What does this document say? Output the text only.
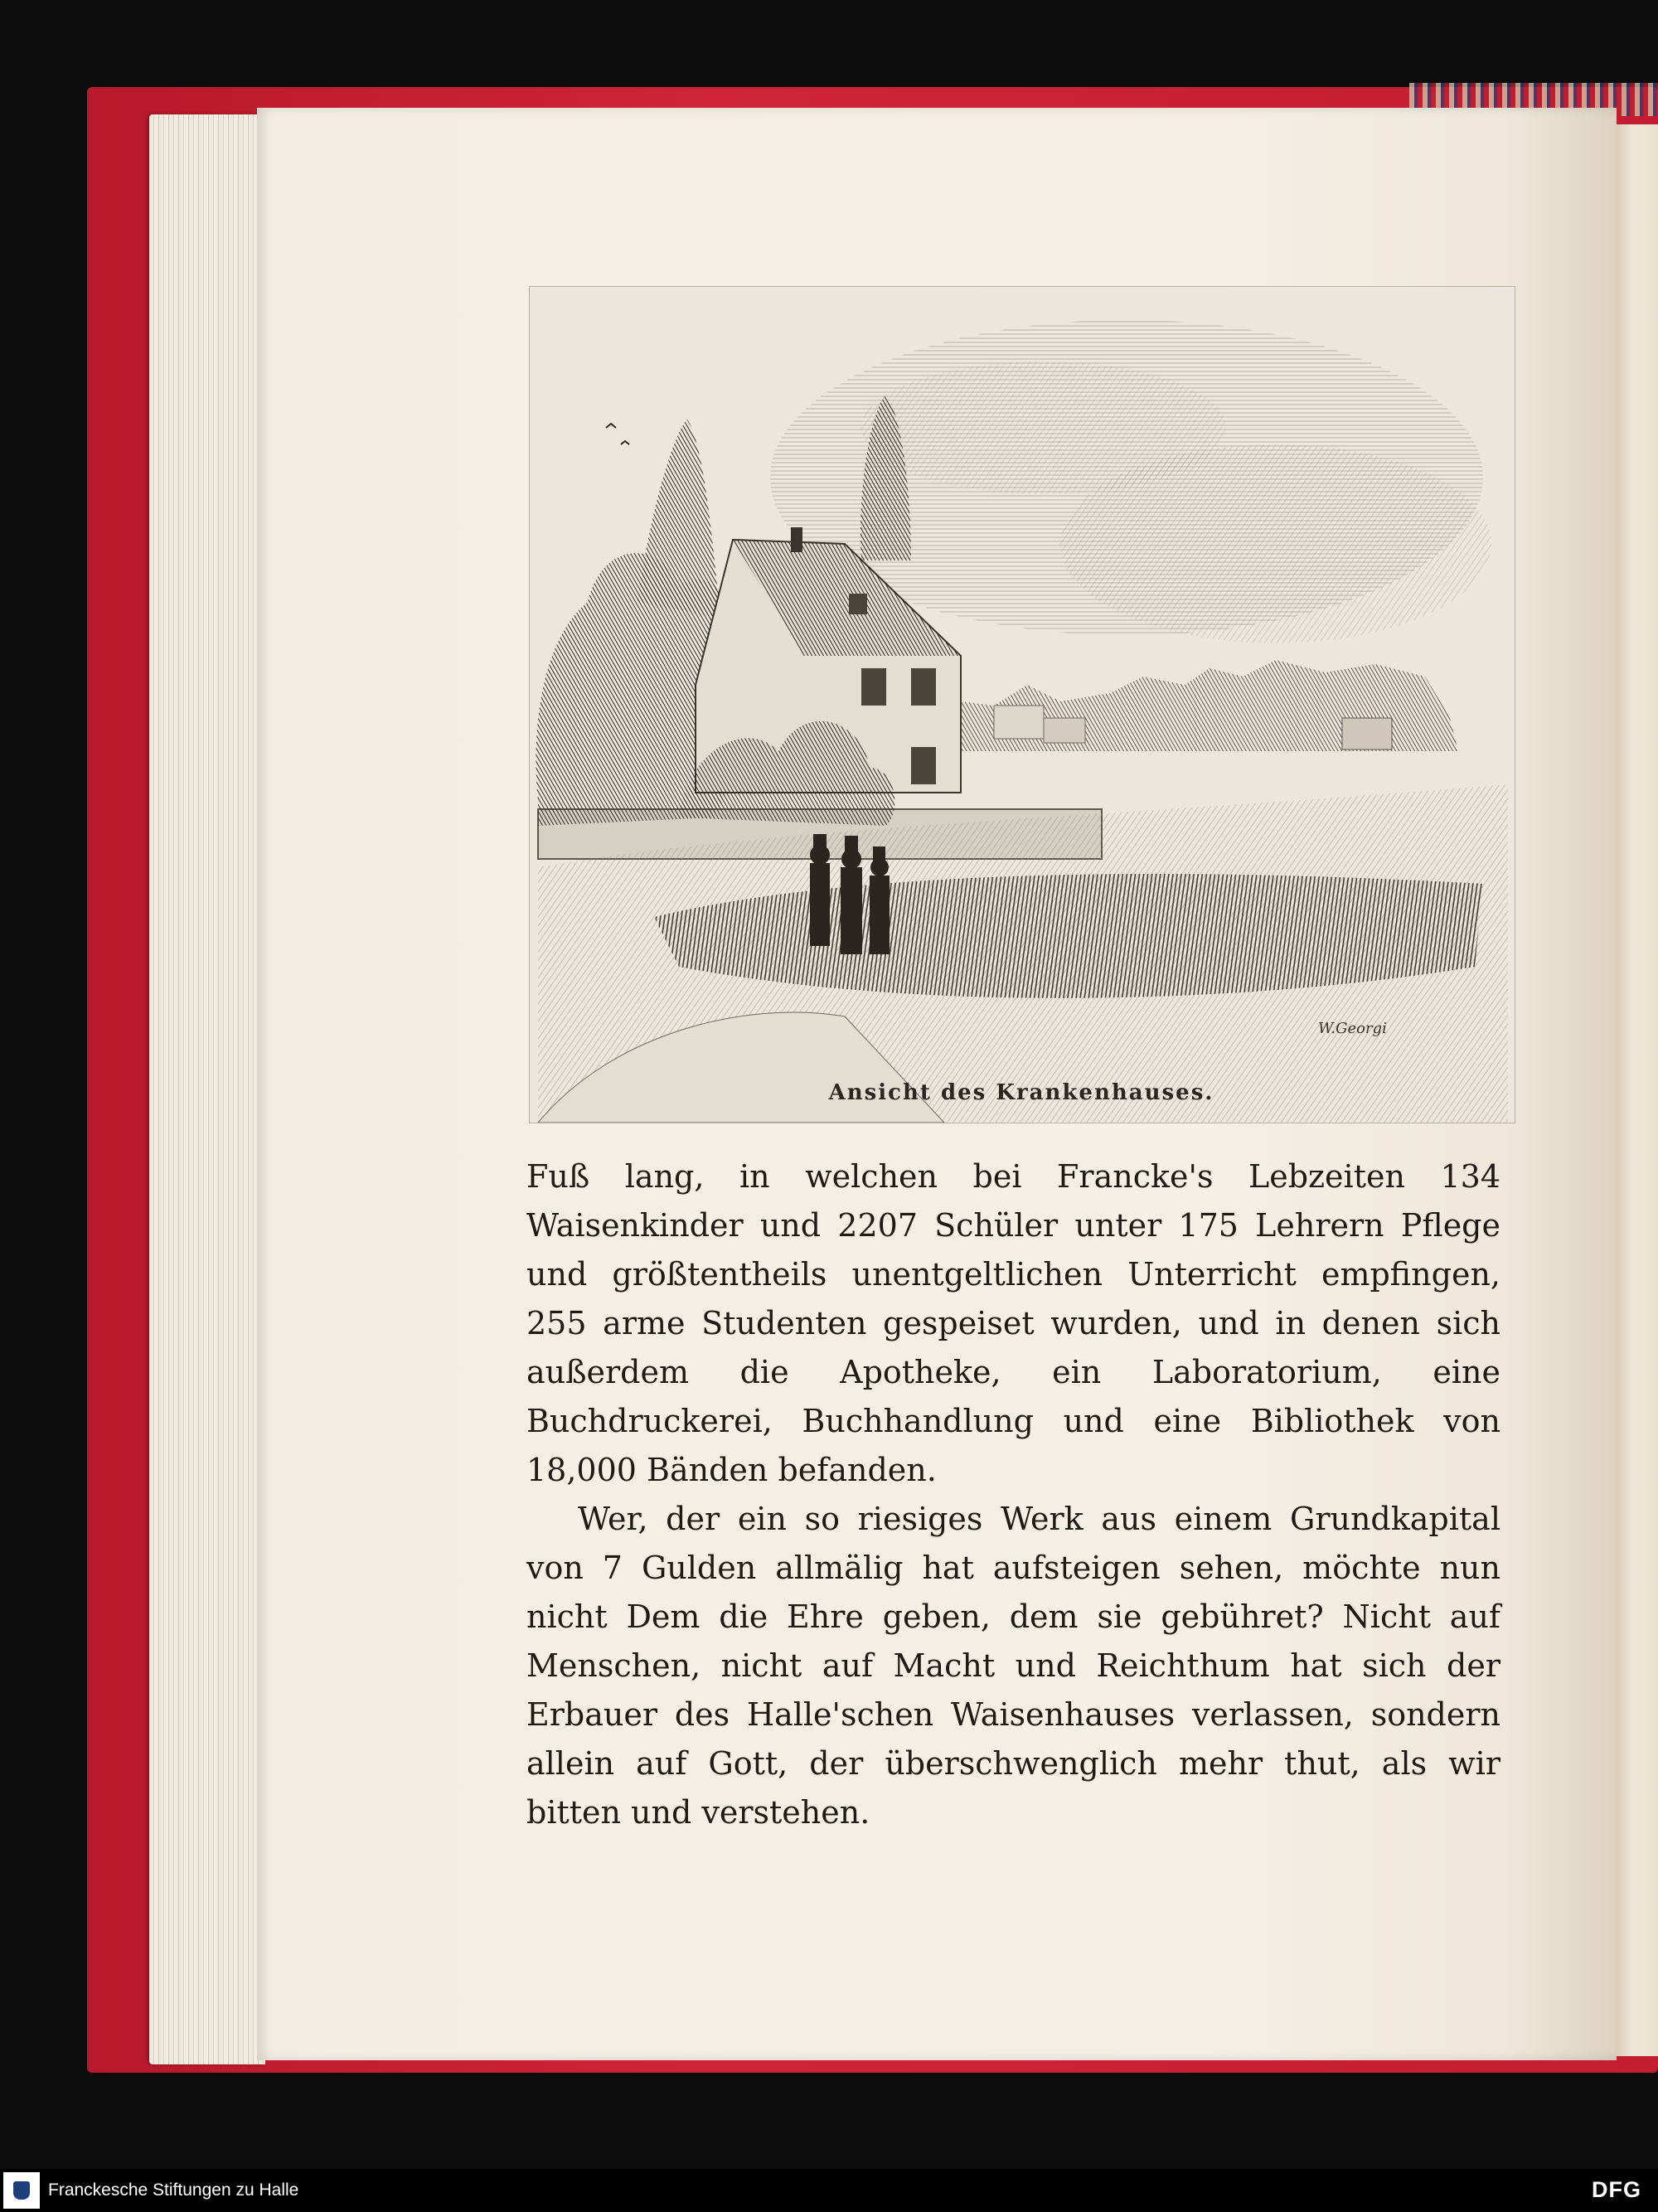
W.Georgi
Ansicht des Krankenhauses.

Fuß lang, in welchen bei Francke's Lebzeiten 134 Waisenkinder und 2207 Schüler unter 175 Lehrern Pflege und größtentheils unentgeltlichen Unterricht empfingen, 255 arme Studenten gespeiset wurden, und in denen sich außerdem die Apotheke, ein Laboratorium, eine Buchdruckerei, Buchhandlung und eine Bibliothek von 18,000 Bänden befanden.

Wer, der ein so riesiges Werk aus einem Grundkapital von 7 Gulden allmälig hat aufsteigen sehen, möchte nun nicht Dem die Ehre geben, dem sie gebühret? Nicht auf Menschen, nicht auf Macht und Reichthum hat sich der Erbauer des Halle'schen Waisenhauses verlassen, sondern allein auf Gott, der überschwenglich mehr thut, als wir bitten und verstehen.

Franckesche Stiftungen zu Halle	DFG
